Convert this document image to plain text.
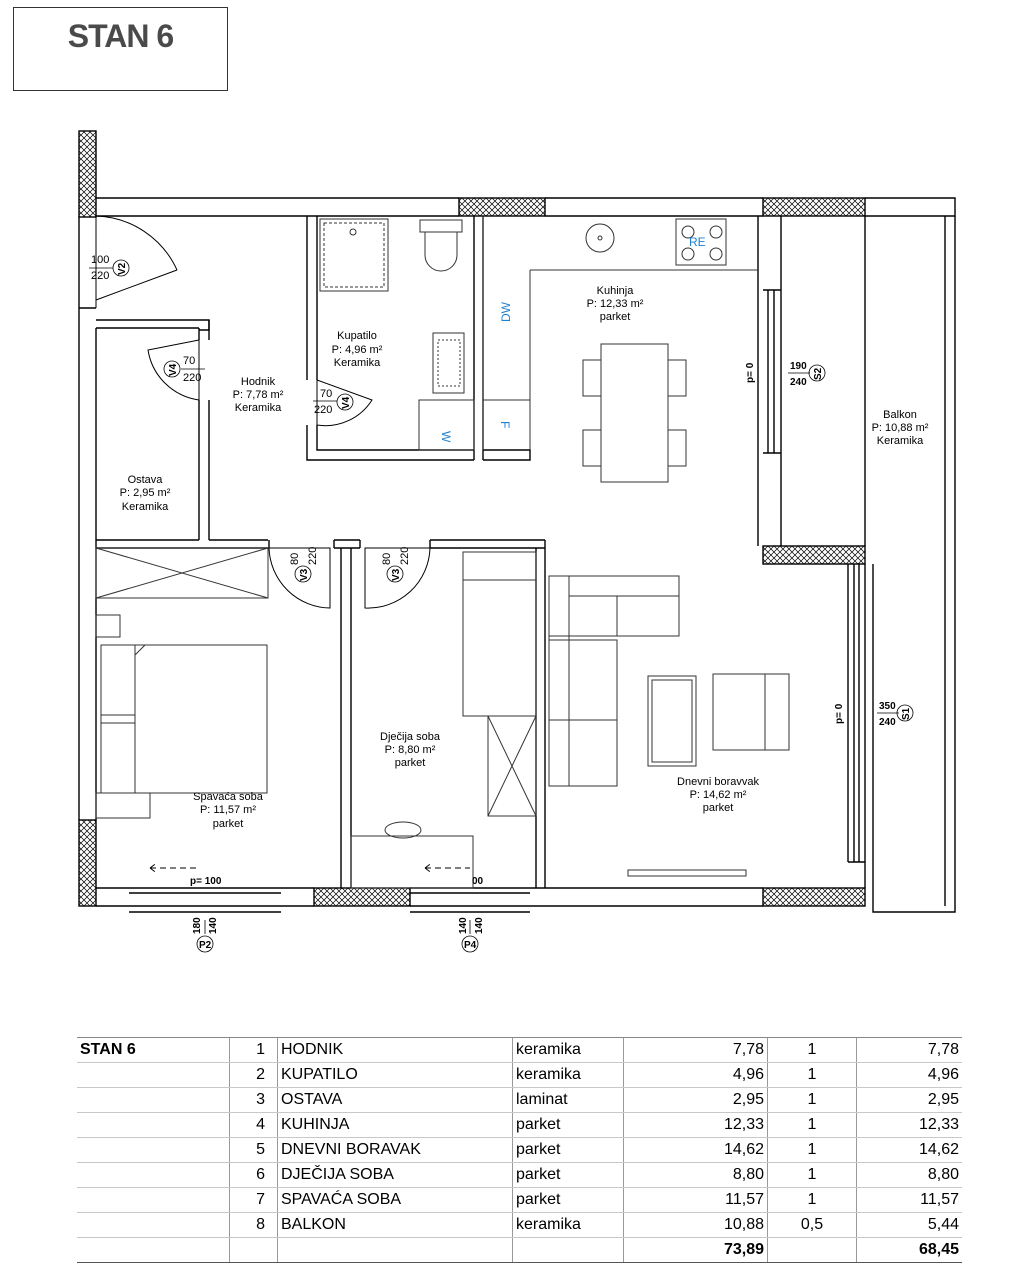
STAN 6
DW
RE
W
F
Kupatilo
P: 4,96 m²
Keramika
Kuhinja
P: 12,33 m²
parket
Hodnik
P: 7,78 m²
Keramika
Ostava
P: 2,95 m²
Keramika
Balkon
P: 10,88 m²
Keramika
Dječija soba
P: 8,80 m²
parket
Spavaća soba
P: 11,57 m²
parket
Dnevni boravvak
P: 14,62 m²
parket
100
220
V2
V4
70
220
70
220
V4
80 220
V3
80 220
V3
p= 0	190
240
S2
p= 0	350
240
S1
p= 100
180 140
P2
00
140 140
P4
STAN 6	1	HODNIK	keramika	7,78	1	7,78
	2	KUPATILO	keramika	4,96	1	4,96
	3	OSTAVA	laminat	2,95	1	2,95
	4	KUHINJA	parket	12,33	1	12,33
	5	DNEVNI BORAVAK	parket	14,62	1	14,62
	6	DJEČIJA SOBA	parket	8,80	1	8,80
	7	SPAVAĆA SOBA	parket	11,57	1	11,57
	8	BALKON	keramika	10,88	0,5	5,44
				73,89		68,45
